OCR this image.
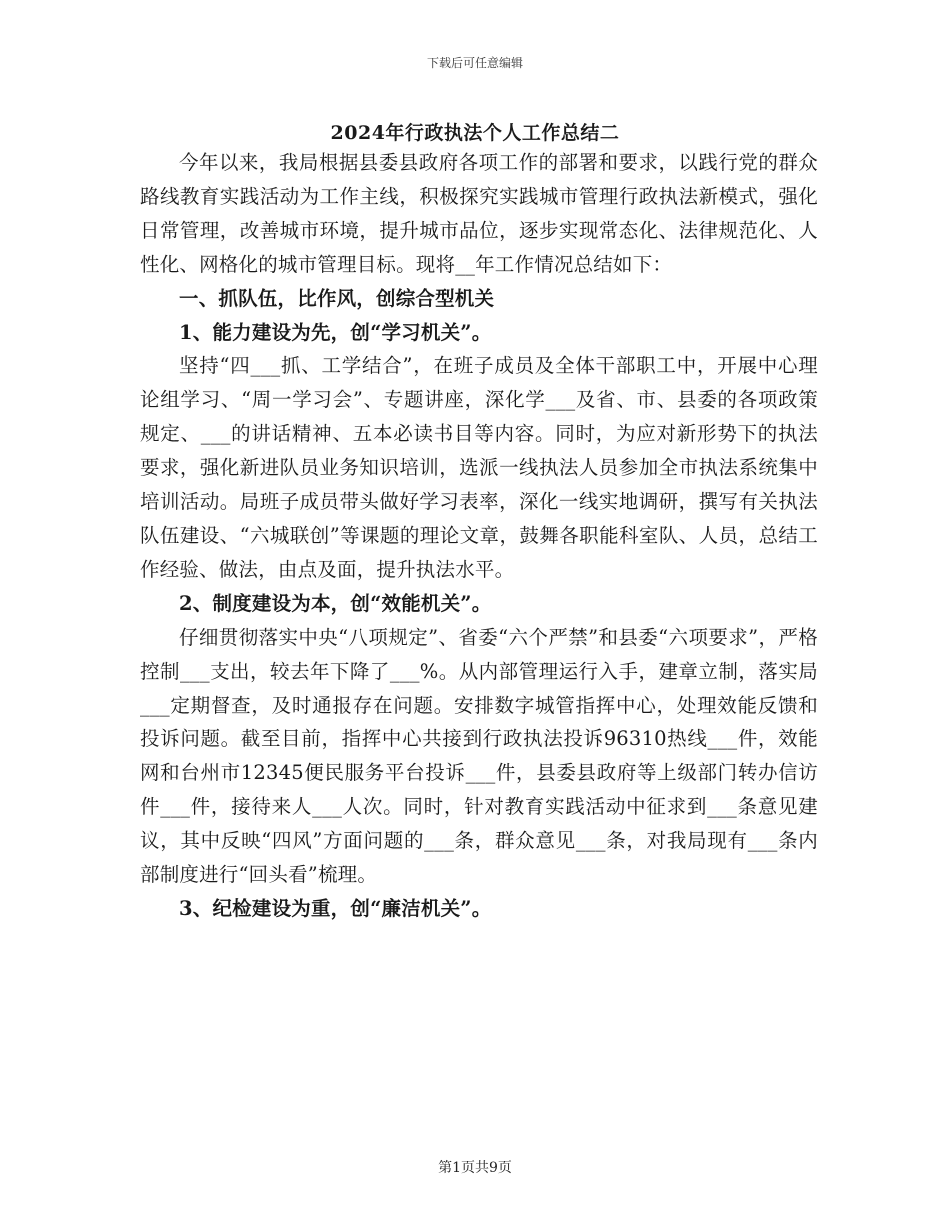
下载后可任意编辑
2024年行政执法个人工作总结二

今年以来，我局根据县委县政府各项工作的部署和要求，以践行党的群众路线教育实践活动为工作主线，积极探究实践城市管理行政执法新模式，强化日常管理，改善城市环境，提升城市品位，逐步实现常态化、法律规范化、人性化、网格化的城市管理目标。现将__年工作情况总结如下：

一、抓队伍，比作风，创综合型机关

1、能力建设为先，创“学习机关”。

坚持“四___抓、工学结合”，在班子成员及全体干部职工中，开展中心理论组学习、“周一学习会”、专题讲座，深化学___及省、市、县委的各项政策规定、___的讲话精神、五本必读书目等内容。同时，为应对新形势下的执法要求，强化新进队员业务知识培训，选派一线执法人员参加全市执法系统集中培训活动。局班子成员带头做好学习表率，深化一线实地调研，撰写有关执法队伍建设、“六城联创”等课题的理论文章，鼓舞各职能科室队、人员，总结工作经验、做法，由点及面，提升执法水平。

2、制度建设为本，创“效能机关”。

仔细贯彻落实中央“八项规定”、省委“六个严禁”和县委“六项要求”，严格控制___支出，较去年下降了___%。从内部管理运行入手，建章立制，落实局___定期督查，及时通报存在问题。安排数字城管指挥中心，处理效能反馈和投诉问题。截至目前，指挥中心共接到行政执法投诉96310热线___件，效能网和台州市12345便民服务平台投诉___件，县委县政府等上级部门转办信访件___件，接待来人___人次。同时，针对教育实践活动中征求到___条意见建议，其中反映“四风”方面问题的___条，群众意见___条，对我局现有___条内部制度进行“回头看”梳理。

3、纪检建设为重，创“廉洁机关”。

第1页共9页
